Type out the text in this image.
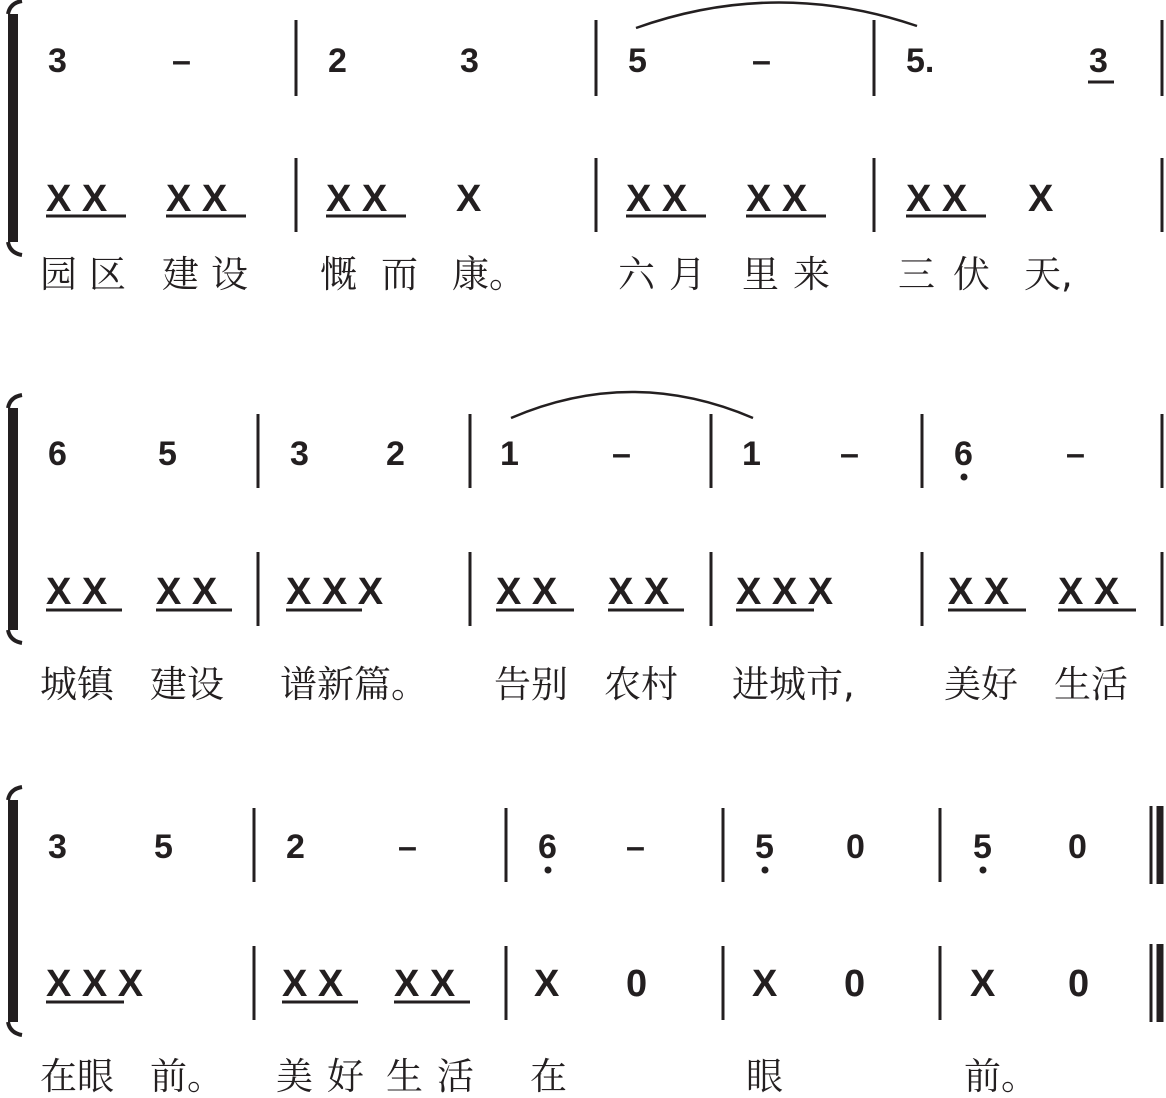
3	–	2	3	5	–	5.	3
X X X X	X X X	X X X X	X X X
园区 建设 慨而 康。 六月 里来 三伏 天,
6	5	3 2	1	–	1 –	6	–
X X X X X X X	X X X X X X X	X X X X
城镇 建设 谱新篇。 告别 农村 进城市, 美好 生活
3	5	2	–	6 –	5 0	5 0
X X X	X X X X X 0	X 0	X 0
在眼 前。 美好 生活 在	眼	前。
